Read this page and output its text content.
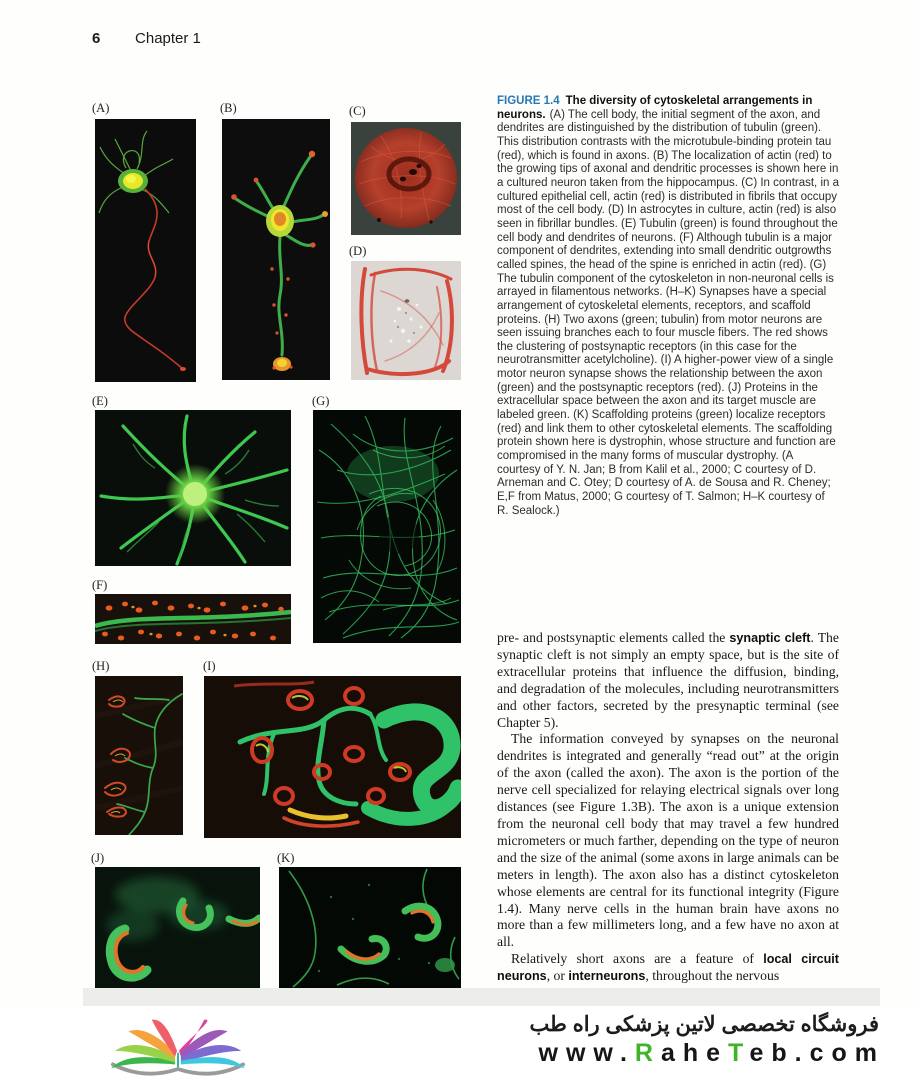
6 Chapter 1
(A)	(B)	(C)
(D)
(E)
(F)
(G)
(H)	(I)
(J)	(K)
FIGURE 1.4 The diversity of cytoskeletal arrangements in neurons. (A) The cell body, the initial segment of the axon, and dendrites are distinguished by the distribution of tubulin (green). This distribution contrasts with the microtubule-binding protein tau (red), which is found in axons. (B) The localization of actin (red) to the growing tips of axonal and dendritic processes is shown here in a cultured neuron taken from the hippocampus. (C) In contrast, in a cultured epithelial cell, actin (red) is distributed in fibrils that occupy most of the cell body. (D) In astrocytes in culture, actin (red) is also seen in fibrillar bundles. (E) Tubulin (green) is found throughout the cell body and dendrites of neurons. (F) Although tubulin is a major component of dendrites, extending into small dendritic outgrowths called spines, the head of the spine is enriched in actin (red). (G) The tubulin component of the cytoskeleton in non-neuronal cells is arrayed in filamentous networks. (H–K) Synapses have a special arrangement of cytoskeletal elements, receptors, and scaffold proteins. (H) Two axons (green; tubulin) from motor neurons are seen issuing branches each to four muscle fibers. The red shows the clustering of postsynaptic receptors (in this case for the neurotransmitter acetylcholine). (I) A higher-power view of a single motor neuron synapse shows the relationship between the axon (green) and the postsynaptic receptors (red). (J) Proteins in the extracellular space between the axon and its target muscle are labeled green. (K) Scaffolding proteins (green) localize receptors (red) and link them to other cytoskeletal elements. The scaffolding protein shown here is dystrophin, whose structure and function are compromised in the many forms of muscular dystrophy. (A courtesy of Y. N. Jan; B from Kalil et al., 2000; C courtesy of D. Arneman and C. Otey; D courtesy of A. de Sousa and R. Cheney; E,F from Matus, 2000; G courtesy of T. Salmon; H–K courtesy of R. Sealock.)

pre- and postsynaptic elements called the synaptic cleft. The synaptic cleft is not simply an empty space, but is the site of extracellular proteins that influence the diffusion, binding, and degradation of the molecules, including neurotransmitters and other factors, secreted by the presynaptic terminal (see Chapter 5).

The information conveyed by synapses on the neuronal dendrites is integrated and generally “read out” at the origin of the axon (called the axon). The axon is the portion of the nerve cell specialized for relaying electrical signals over long distances (see Figure 1.3B). The axon is a unique extension from the neuronal cell body that may travel a few hundred micrometers or much farther, depending on the type of neuron and the size of the animal (some axons in large animals can be meters in length). The axon also has a distinct cytoskeleton whose elements are central for its functional integrity (Figure 1.4). Many nerve cells in the human brain have axons no more than a few millimeters long, and a few have no axon at all.

Relatively short axons are a feature of local circuit neurons, or interneurons, throughout the nervous

فروشگاه تخصصی لاتین پزشکی راه طب
www.RaheTeb.com
